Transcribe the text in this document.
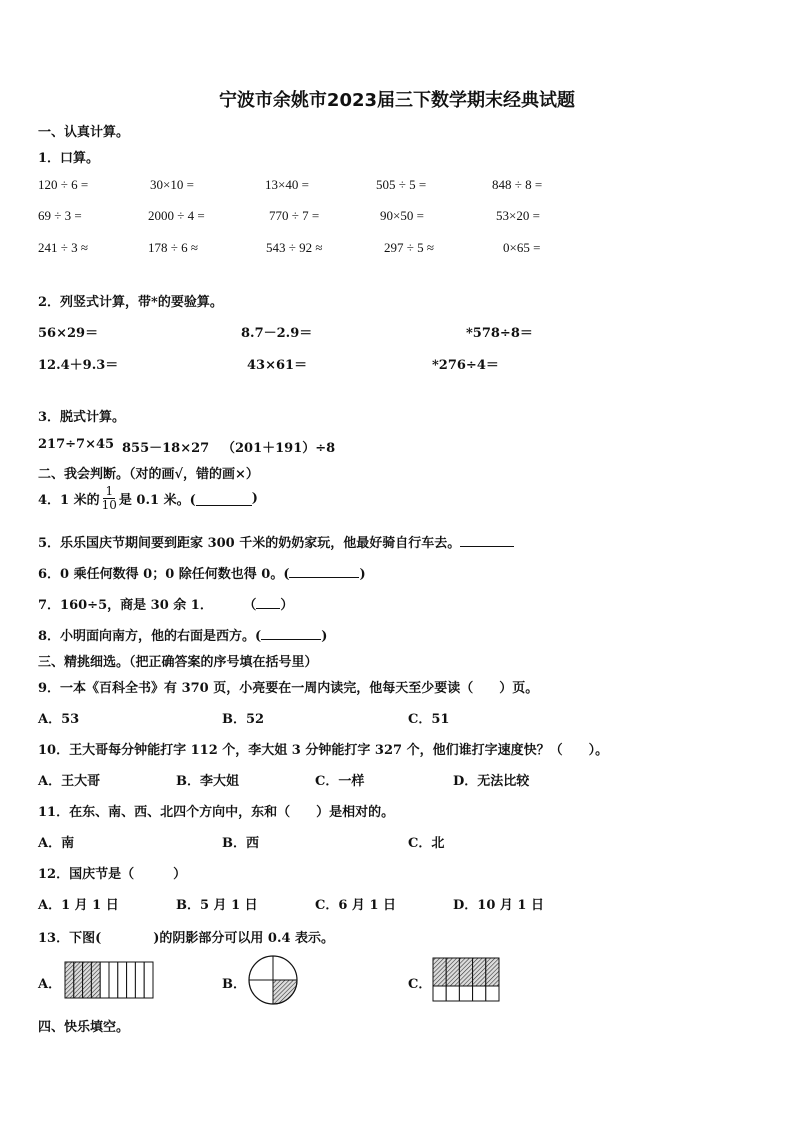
宁波市余姚市2023届三下数学期末经典试题
一、认真计算。
1．口算。
120 ÷ 6 =	30×10 =	13×40 =	505 ÷ 5 =	848 ÷ 8 =
69 ÷ 3 =	2000 ÷ 4 =	770 ÷ 7 =	90×50 =	53×20 =
241 ÷ 3 ≈	178 ÷ 6 ≈	543 ÷ 92 ≈	297 ÷ 5 ≈	0×65 =
2．列竖式计算，带*的要验算。
56×29＝	8.7－2.9＝	*578÷8＝
12.4＋9.3＝	43×61＝	*276÷4＝
3．脱式计算。
217÷7×45 855－18×27 （201＋191）÷8
二、我会判断。（对的画√，错的画×）
4．1 米的 $\frac{1}{10}$ 是 0.1 米。(	)
5．乐乐国庆节期间要到距家 300 千米的奶奶家玩，他最好骑自行车去。
6．0 乘任何数得 0；0 除任何数也得 0。(	)
7．160÷5，商是 30 余 1． （ ）
8．小明面向南方，他的右面是西方。(	)
三、精挑细选。（把正确答案的序号填在括号里）
9．一本《百科全书》有 370 页，小亮要在一周内读完，他每天至少要读（　　）页。
A．53	B．52	C．51
10．王大哥每分钟能打字 112 个，李大姐 3 分钟能打字 327 个，他们谁打字速度快？（　　）。
A．王大哥	B．李大姐	C．一样	D．无法比较
11．在东、南、西、北四个方向中，东和（　　）是相对的。
A．南	B．西	C．北
12．国庆节是（　　　）
A．1 月 1 日	B．5 月 1 日	C．6 月 1 日	D．10 月 1 日
13．下图(　　　　)的阴影部分可以用 0.4 表示。
A．	B．	C．
四、快乐填空。
